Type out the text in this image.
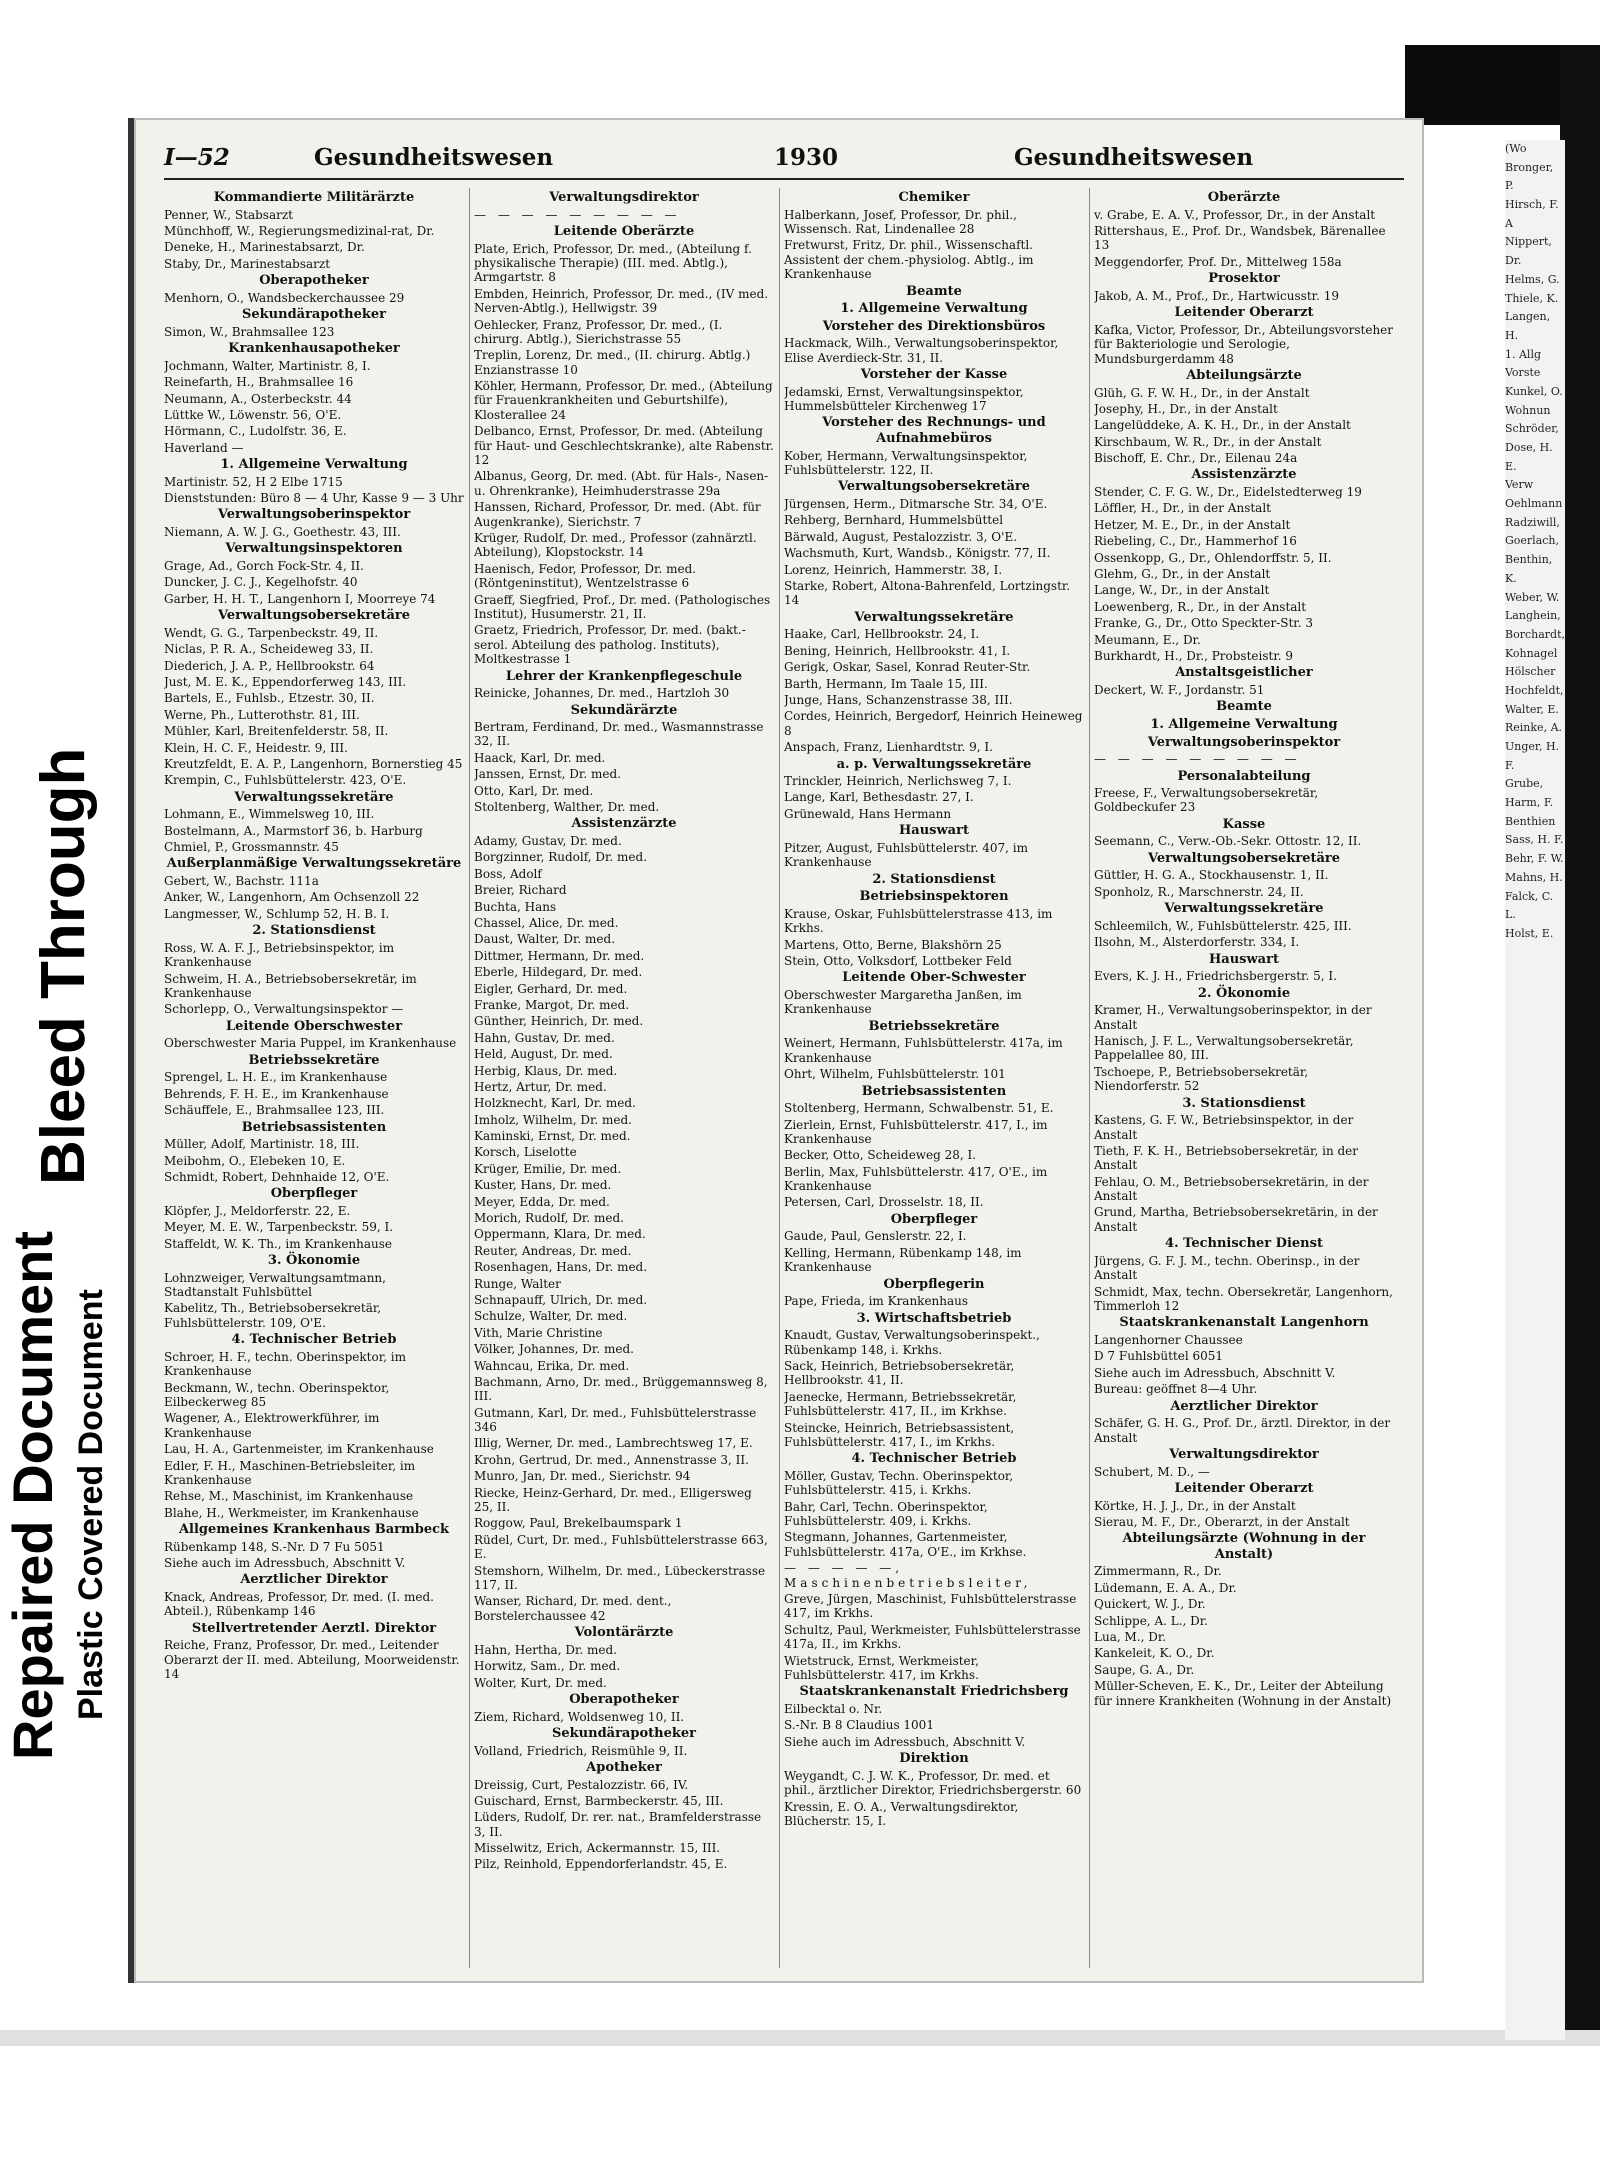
Repaired Document Plastic Covered Document
Bleed Through
I—52	Gesundheitswesen	1930	Gesundheitswesen

Kommandierte Militärärzte

Penner, W., Stabsarzt

Münchhoff, W., Regierungsmedizinal-rat, Dr.

Deneke, H., Marinestabsarzt, Dr.

Staby, Dr., Marinestabsarzt

Oberapotheker

Menhorn, O., Wandsbeckerchaussee 29

Sekundärapotheker

Simon, W., Brahmsallee 123

Krankenhausapotheker

Jochmann, Walter, Martinistr. 8, I.

Reinefarth, H., Brahmsallee 16

Neumann, A., Osterbeckstr. 44

Lüttke W., Löwenstr. 56, O'E.

Hörmann, C., Ludolfstr. 36, E.

Haverland —

1. Allgemeine Verwaltung

Martinistr. 52, H 2 Elbe 1715

Dienststunden: Büro 8 — 4 Uhr, Kasse 9 — 3 Uhr

Verwaltungsoberinspektor

Niemann, A. W. J. G., Goethestr. 43, III.

Verwaltungsinspektoren

Grage, Ad., Gorch Fock-Str. 4, II.

Duncker, J. C. J., Kegelhofstr. 40

Garber, H. H. T., Langenhorn I, Moorreye 74

Verwaltungsobersekretäre

Wendt, G. G., Tarpenbeckstr. 49, II.

Niclas, P. R. A., Scheideweg 33, II.

Diederich, J. A. P., Hellbrookstr. 64

Just, M. E. K., Eppendorferweg 143, III.

Bartels, E., Fuhlsb., Etzestr. 30, II.

Werne, Ph., Lutterothstr. 81, III.

Mühler, Karl, Breitenfelderstr. 58, II.

Klein, H. C. F., Heidestr. 9, III.

Kreutzfeldt, E. A. P., Langenhorn, Bornerstieg 45

Krempin, C., Fuhlsbüttelerstr. 423, O'E.

Verwaltungssekretäre

Lohmann, E., Wimmelsweg 10, III.

Bostelmann, A., Marmstorf 36, b. Harburg

Chmiel, P., Grossmannstr. 45

Außerplanmäßige Verwaltungssekretäre

Gebert, W., Bachstr. 111a

Anker, W., Langenhorn, Am Ochsenzoll 22

Langmesser, W., Schlump 52, H. B. I.

2. Stationsdienst

Ross, W. A. F. J., Betriebsinspektor, im Krankenhause

Schweim, H. A., Betriebsobersekretär, im Krankenhause

Schorlepp, O., Verwaltungsinspektor —

Leitende Oberschwester

Oberschwester Maria Puppel, im Krankenhause

Betriebssekretäre

Sprengel, L. H. E., im Krankenhause

Behrends, F. H. E., im Krankenhause

Schäuffele, E., Brahmsallee 123, III.

Betriebsassistenten

Müller, Adolf, Martinistr. 18, III.

Meibohm, O., Elebeken 10, E.

Schmidt, Robert, Dehnhaide 12, O'E.

Oberpfleger

Klöpfer, J., Meldorferstr. 22, E.

Meyer, M. E. W., Tarpenbeckstr. 59, I.

Staffeldt, W. K. Th., im Krankenhause

3. Ökonomie

Lohnzweiger, Verwaltungsamtmann, Stadtanstalt Fuhlsbüttel

Kabelitz, Th., Betriebsobersekretär, Fuhlsbüttelerstr. 109, O'E.

4. Technischer Betrieb

Schroer, H. F., techn. Oberinspektor, im Krankenhause

Beckmann, W., techn. Oberinspektor, Eilbeckerweg 85

Wagener, A., Elektrowerkführer, im Krankenhause

Lau, H. A., Gartenmeister, im Krankenhause

Edler, F. H., Maschinen-Betriebsleiter, im Krankenhause

Rehse, M., Maschinist, im Krankenhause

Blahe, H., Werkmeister, im Krankenhause

Allgemeines Krankenhaus Barmbeck

Rübenkamp 148, S.-Nr. D 7 Fu 5051

Siehe auch im Adressbuch, Abschnitt V.

Aerztlicher Direktor

Knack, Andreas, Professor, Dr. med. (I. med. Abteil.), Rübenkamp 146

Stellvertretender Aerztl. Direktor

Reiche, Franz, Professor, Dr. med., Leitender Oberarzt der II. med. Abteilung, Moorweidenstr. 14

Verwaltungsdirektor

— — — — — — — — —

Leitende Oberärzte

Plate, Erich, Professor, Dr. med., (Abteilung f. physikalische Therapie) (III. med. Abtlg.), Armgartstr. 8

Embden, Heinrich, Professor, Dr. med., (IV med. Nerven-Abtlg.), Hellwigstr. 39

Oehlecker, Franz, Professor, Dr. med., (I. chirurg. Abtlg.), Sierichstrasse 55

Treplin, Lorenz, Dr. med., (II. chirurg. Abtlg.) Enzianstrasse 10

Köhler, Hermann, Professor, Dr. med., (Abteilung für Frauenkrankheiten und Geburtshilfe), Klosterallee 24

Delbanco, Ernst, Professor, Dr. med. (Abteilung für Haut- und Geschlechtskranke), alte Rabenstr. 12

Albanus, Georg, Dr. med. (Abt. für Hals-, Nasen- u. Ohrenkranke), Heimhuderstrasse 29a

Hanssen, Richard, Professor, Dr. med. (Abt. für Augenkranke), Sierichstr. 7

Krüger, Rudolf, Dr. med., Professor (zahnärztl. Abteilung), Klopstockstr. 14

Haenisch, Fedor, Professor, Dr. med. (Röntgeninstitut), Wentzelstrasse 6

Graeff, Siegfried, Prof., Dr. med. (Pathologisches Institut), Husumerstr. 21, II.

Graetz, Friedrich, Professor, Dr. med. (bakt.-serol. Abteilung des patholog. Instituts), Moltkestrasse 1

Lehrer der Krankenpflegeschule

Reinicke, Johannes, Dr. med., Hartzloh 30

Sekundärärzte

Bertram, Ferdinand, Dr. med., Wasmannstrasse 32, II.

Haack, Karl, Dr. med.

Janssen, Ernst, Dr. med.

Otto, Karl, Dr. med.

Stoltenberg, Walther, Dr. med.

Assistenzärzte

Adamy, Gustav, Dr. med.

Borgzinner, Rudolf, Dr. med.

Boss, Adolf

Breier, Richard

Buchta, Hans

Chassel, Alice, Dr. med.

Daust, Walter, Dr. med.

Dittmer, Hermann, Dr. med.

Eberle, Hildegard, Dr. med.

Eigler, Gerhard, Dr. med.

Franke, Margot, Dr. med.

Günther, Heinrich, Dr. med.

Hahn, Gustav, Dr. med.

Held, August, Dr. med.

Herbig, Klaus, Dr. med.

Hertz, Artur, Dr. med.

Holzknecht, Karl, Dr. med.

Imholz, Wilhelm, Dr. med.

Kaminski, Ernst, Dr. med.

Korsch, Liselotte

Krüger, Emilie, Dr. med.

Kuster, Hans, Dr. med.

Meyer, Edda, Dr. med.

Morich, Rudolf, Dr. med.

Oppermann, Klara, Dr. med.

Reuter, Andreas, Dr. med.

Rosenhagen, Hans, Dr. med.

Runge, Walter

Schnapauff, Ulrich, Dr. med.

Schulze, Walter, Dr. med.

Vith, Marie Christine

Völker, Johannes, Dr. med.

Wahncau, Erika, Dr. med.

Bachmann, Arno, Dr. med., Brüggemannsweg 8, III.

Gutmann, Karl, Dr. med., Fuhlsbüttelerstrasse 346

Illig, Werner, Dr. med., Lambrechtsweg 17, E.

Krohn, Gertrud, Dr. med., Annenstrasse 3, II.

Munro, Jan, Dr. med., Sierichstr. 94

Riecke, Heinz-Gerhard, Dr. med., Elligersweg 25, II.

Roggow, Paul, Brekelbaumspark 1

Rüdel, Curt, Dr. med., Fuhlsbüttelerstrasse 663, E.

Stemshorn, Wilhelm, Dr. med., Lübeckerstrasse 117, II.

Wanser, Richard, Dr. med. dent., Borstelerchaussee 42

Volontärärzte

Hahn, Hertha, Dr. med.

Horwitz, Sam., Dr. med.

Wolter, Kurt, Dr. med.

Oberapotheker

Ziem, Richard, Woldsenweg 10, II.

Sekundärapotheker

Volland, Friedrich, Reismühle 9, II.

Apotheker

Dreissig, Curt, Pestalozzistr. 66, IV.

Guischard, Ernst, Barmbeckerstr. 45, III.

Lüders, Rudolf, Dr. rer. nat., Bramfelderstrasse 3, II.

Misselwitz, Erich, Ackermannstr. 15, III.

Pilz, Reinhold, Eppendorferlandstr. 45, E.

Chemiker

Halberkann, Josef, Professor, Dr. phil., Wissensch. Rat, Lindenallee 28

Fretwurst, Fritz, Dr. phil., Wissenschaftl. Assistent der chem.-physiolog. Abtlg., im Krankenhause

Beamte

1. Allgemeine Verwaltung

Vorsteher des Direktionsbüros

Hackmack, Wilh., Verwaltungsoberinspektor, Elise Averdieck-Str. 31, II.

Vorsteher der Kasse

Jedamski, Ernst, Verwaltungsinspektor, Hummelsbütteler Kirchenweg 17

Vorsteher des Rechnungs- und Aufnahmebüros

Kober, Hermann, Verwaltungsinspektor, Fuhlsbüttelerstr. 122, II.

Verwaltungsobersekretäre

Jürgensen, Herm., Ditmarsche Str. 34, O'E.

Rehberg, Bernhard, Hummelsbüttel

Bärwald, August, Pestalozzistr. 3, O'E.

Wachsmuth, Kurt, Wandsb., Königstr. 77, II.

Lorenz, Heinrich, Hammerstr. 38, I.

Starke, Robert, Altona-Bahrenfeld, Lortzingstr. 14

Verwaltungssekretäre

Haake, Carl, Hellbrookstr. 24, I.

Bening, Heinrich, Hellbrookstr. 41, I.

Gerigk, Oskar, Sasel, Konrad Reuter-Str.

Barth, Hermann, Im Taale 15, III.

Junge, Hans, Schanzenstrasse 38, III.

Cordes, Heinrich, Bergedorf, Heinrich Heineweg 8

Anspach, Franz, Lienhardtstr. 9, I.

a. p. Verwaltungssekretäre

Trinckler, Heinrich, Nerlichsweg 7, I.

Lange, Karl, Bethesdastr. 27, I.

Grünewald, Hans Hermann

Hauswart

Pitzer, August, Fuhlsbüttelerstr. 407, im Krankenhause

2. Stationsdienst

Betriebsinspektoren

Krause, Oskar, Fuhlsbüttelerstrasse 413, im Krkhs.

Martens, Otto, Berne, Blakshörn 25

Stein, Otto, Volksdorf, Lottbeker Feld

Leitende Ober-Schwester

Oberschwester Margaretha Janßen, im Krankenhause

Betriebssekretäre

Weinert, Hermann, Fuhlsbüttelerstr. 417a, im Krankenhause

Ohrt, Wilhelm, Fuhlsbüttelerstr. 101

Betriebsassistenten

Stoltenberg, Hermann, Schwalbenstr. 51, E.

Zierlein, Ernst, Fuhlsbüttelerstr. 417, I., im Krankenhause

Becker, Otto, Scheideweg 28, I.

Berlin, Max, Fuhlsbüttelerstr. 417, O'E., im Krankenhause

Petersen, Carl, Drosselstr. 18, II.

Oberpfleger

Gaude, Paul, Genslerstr. 22, I.

Kelling, Hermann, Rübenkamp 148, im Krankenhause

Oberpflegerin

Pape, Frieda, im Krankenhaus

3. Wirtschaftsbetrieb

Knaudt, Gustav, Verwaltungsoberinspekt., Rübenkamp 148, i. Krkhs.

Sack, Heinrich, Betriebsobersekretär, Hellbrookstr. 41, II.

Jaenecke, Hermann, Betriebssekretär, Fuhlsbüttelerstr. 417, II., im Krkhse.

Steincke, Heinrich, Betriebsassistent, Fuhlsbüttelerstr. 417, I., im Krkhs.

4. Technischer Betrieb

Möller, Gustav, Techn. Oberinspektor, Fuhlsbüttelerstr. 415, i. Krkhs.

Bahr, Carl, Techn. Oberinspektor, Fuhlsbüttelerstr. 409, i. Krkhs.

Stegmann, Johannes, Gartenmeister, Fuhlsbüttelerstr. 417a, O'E., im Krkhse.

— — — — —, Maschinenbetriebsleiter,

Greve, Jürgen, Maschinist, Fuhlsbüttelerstrasse 417, im Krkhs.

Schultz, Paul, Werkmeister, Fuhlsbüttelerstrasse 417a, II., im Krkhs.

Wietstruck, Ernst, Werkmeister, Fuhlsbüttelerstr. 417, im Krkhs.

Staatskrankenanstalt Friedrichsberg

Eilbecktal o. Nr.

S.-Nr. B 8 Claudius 1001

Siehe auch im Adressbuch, Abschnitt V.

Direktion

Weygandt, C. J. W. K., Professor, Dr. med. et phil., ärztlicher Direktor, Friedrichsbergerstr. 60

Kressin, E. O. A., Verwaltungsdirektor, Blücherstr. 15, I.

Oberärzte

v. Grabe, E. A. V., Professor, Dr., in der Anstalt

Rittershaus, E., Prof. Dr., Wandsbek, Bärenallee 13

Meggendorfer, Prof. Dr., Mittelweg 158a

Prosektor

Jakob, A. M., Prof., Dr., Hartwicusstr. 19

Leitender Oberarzt

Kafka, Victor, Professor, Dr., Abteilungsvorsteher für Bakteriologie und Serologie, Mundsburgerdamm 48

Abteilungsärzte

Glüh, G. F. W. H., Dr., in der Anstalt

Josephy, H., Dr., in der Anstalt

Langelüddeke, A. K. H., Dr., in der Anstalt

Kirschbaum, W. R., Dr., in der Anstalt

Bischoff, E. Chr., Dr., Eilenau 24a

Assistenzärzte

Stender, C. F. G. W., Dr., Eidelstedterweg 19

Löffler, H., Dr., in der Anstalt

Hetzer, M. E., Dr., in der Anstalt

Riebeling, C., Dr., Hammerhof 16

Ossenkopp, G., Dr., Ohlendorffstr. 5, II.

Glehm, G., Dr., in der Anstalt

Lange, W., Dr., in der Anstalt

Loewenberg, R., Dr., in der Anstalt

Franke, G., Dr., Otto Speckter-Str. 3

Meumann, E., Dr.

Burkhardt, H., Dr., Probsteistr. 9

Anstaltsgeistlicher

Deckert, W. F., Jordanstr. 51

Beamte

1. Allgemeine Verwaltung

Verwaltungsoberinspektor

— — — — — — — — —

Personalabteilung

Freese, F., Verwaltungsobersekretär, Goldbeckufer 23

Kasse

Seemann, C., Verw.-Ob.-Sekr. Ottostr. 12, II.

Verwaltungsobersekretäre

Güttler, H. G. A., Stockhausenstr. 1, II.

Sponholz, R., Marschnerstr. 24, II.

Verwaltungssekretäre

Schleemilch, W., Fuhlsbüttelerstr. 425, III.

Ilsohn, M., Alsterdorferstr. 334, I.

Hauswart

Evers, K. J. H., Friedrichsbergerstr. 5, I.

2. Ökonomie

Kramer, H., Verwaltungsoberinspektor, in der Anstalt

Hanisch, J. F. L., Verwaltungsobersekretär, Pappelallee 80, III.

Tschoepe, P., Betriebsobersekretär, Niendorferstr. 52

3. Stationsdienst

Kastens, G. F. W., Betriebsinspektor, in der Anstalt

Tieth, F. K. H., Betriebsobersekretär, in der Anstalt

Fehlau, O. M., Betriebsobersekretärin, in der Anstalt

Grund, Martha, Betriebsobersekretärin, in der Anstalt

4. Technischer Dienst

Jürgens, G. F. J. M., techn. Oberinsp., in der Anstalt

Schmidt, Max, techn. Obersekretär, Langenhorn, Timmerloh 12

Staatskrankenanstalt Langenhorn

Langenhorner Chaussee

D 7 Fuhlsbüttel 6051

Siehe auch im Adressbuch, Abschnitt V.

Bureau: geöffnet 8—4 Uhr.

Aerztlicher Direktor

Schäfer, G. H. G., Prof. Dr., ärztl. Direktor, in der Anstalt

Verwaltungsdirektor

Schubert, M. D., —

Leitender Oberarzt

Körtke, H. J. J., Dr., in der Anstalt

Sierau, M. F., Dr., Oberarzt, in der Anstalt

Abteilungsärzte (Wohnung in der Anstalt)

Zimmermann, R., Dr.

Lüdemann, E. A. A., Dr.

Quickert, W. J., Dr.

Schlippe, A. L., Dr.

Lua, M., Dr.

Kankeleit, K. O., Dr.

Saupe, G. A., Dr.

Müller-Scheven, E. K., Dr., Leiter der Abteilung für innere Krankheiten (Wohnung in der Anstalt)

(Wo
Bronger, P.
Hirsch, F. A
Nippert, Dr.
Helms, G.
Thiele, K.
Langen, H.
1. Allg
Vorste
Kunkel, O.
Wohnun
Schröder,
Dose, H. E.
Verw
Oehlmann
Radziwill,
Goerlach,
Benthin, K.
Weber, W.
Langhein,
Borchardt,
Kohnagel
Hölscher
Hochfeldt,
Walter, E.
Reinke, A.
Unger, H. F.
Grube,
Harm, F.
Benthien
Sass, H. F.
Behr, F. W.
Mahns, H.
Falck, C. L.
Holst, E.
